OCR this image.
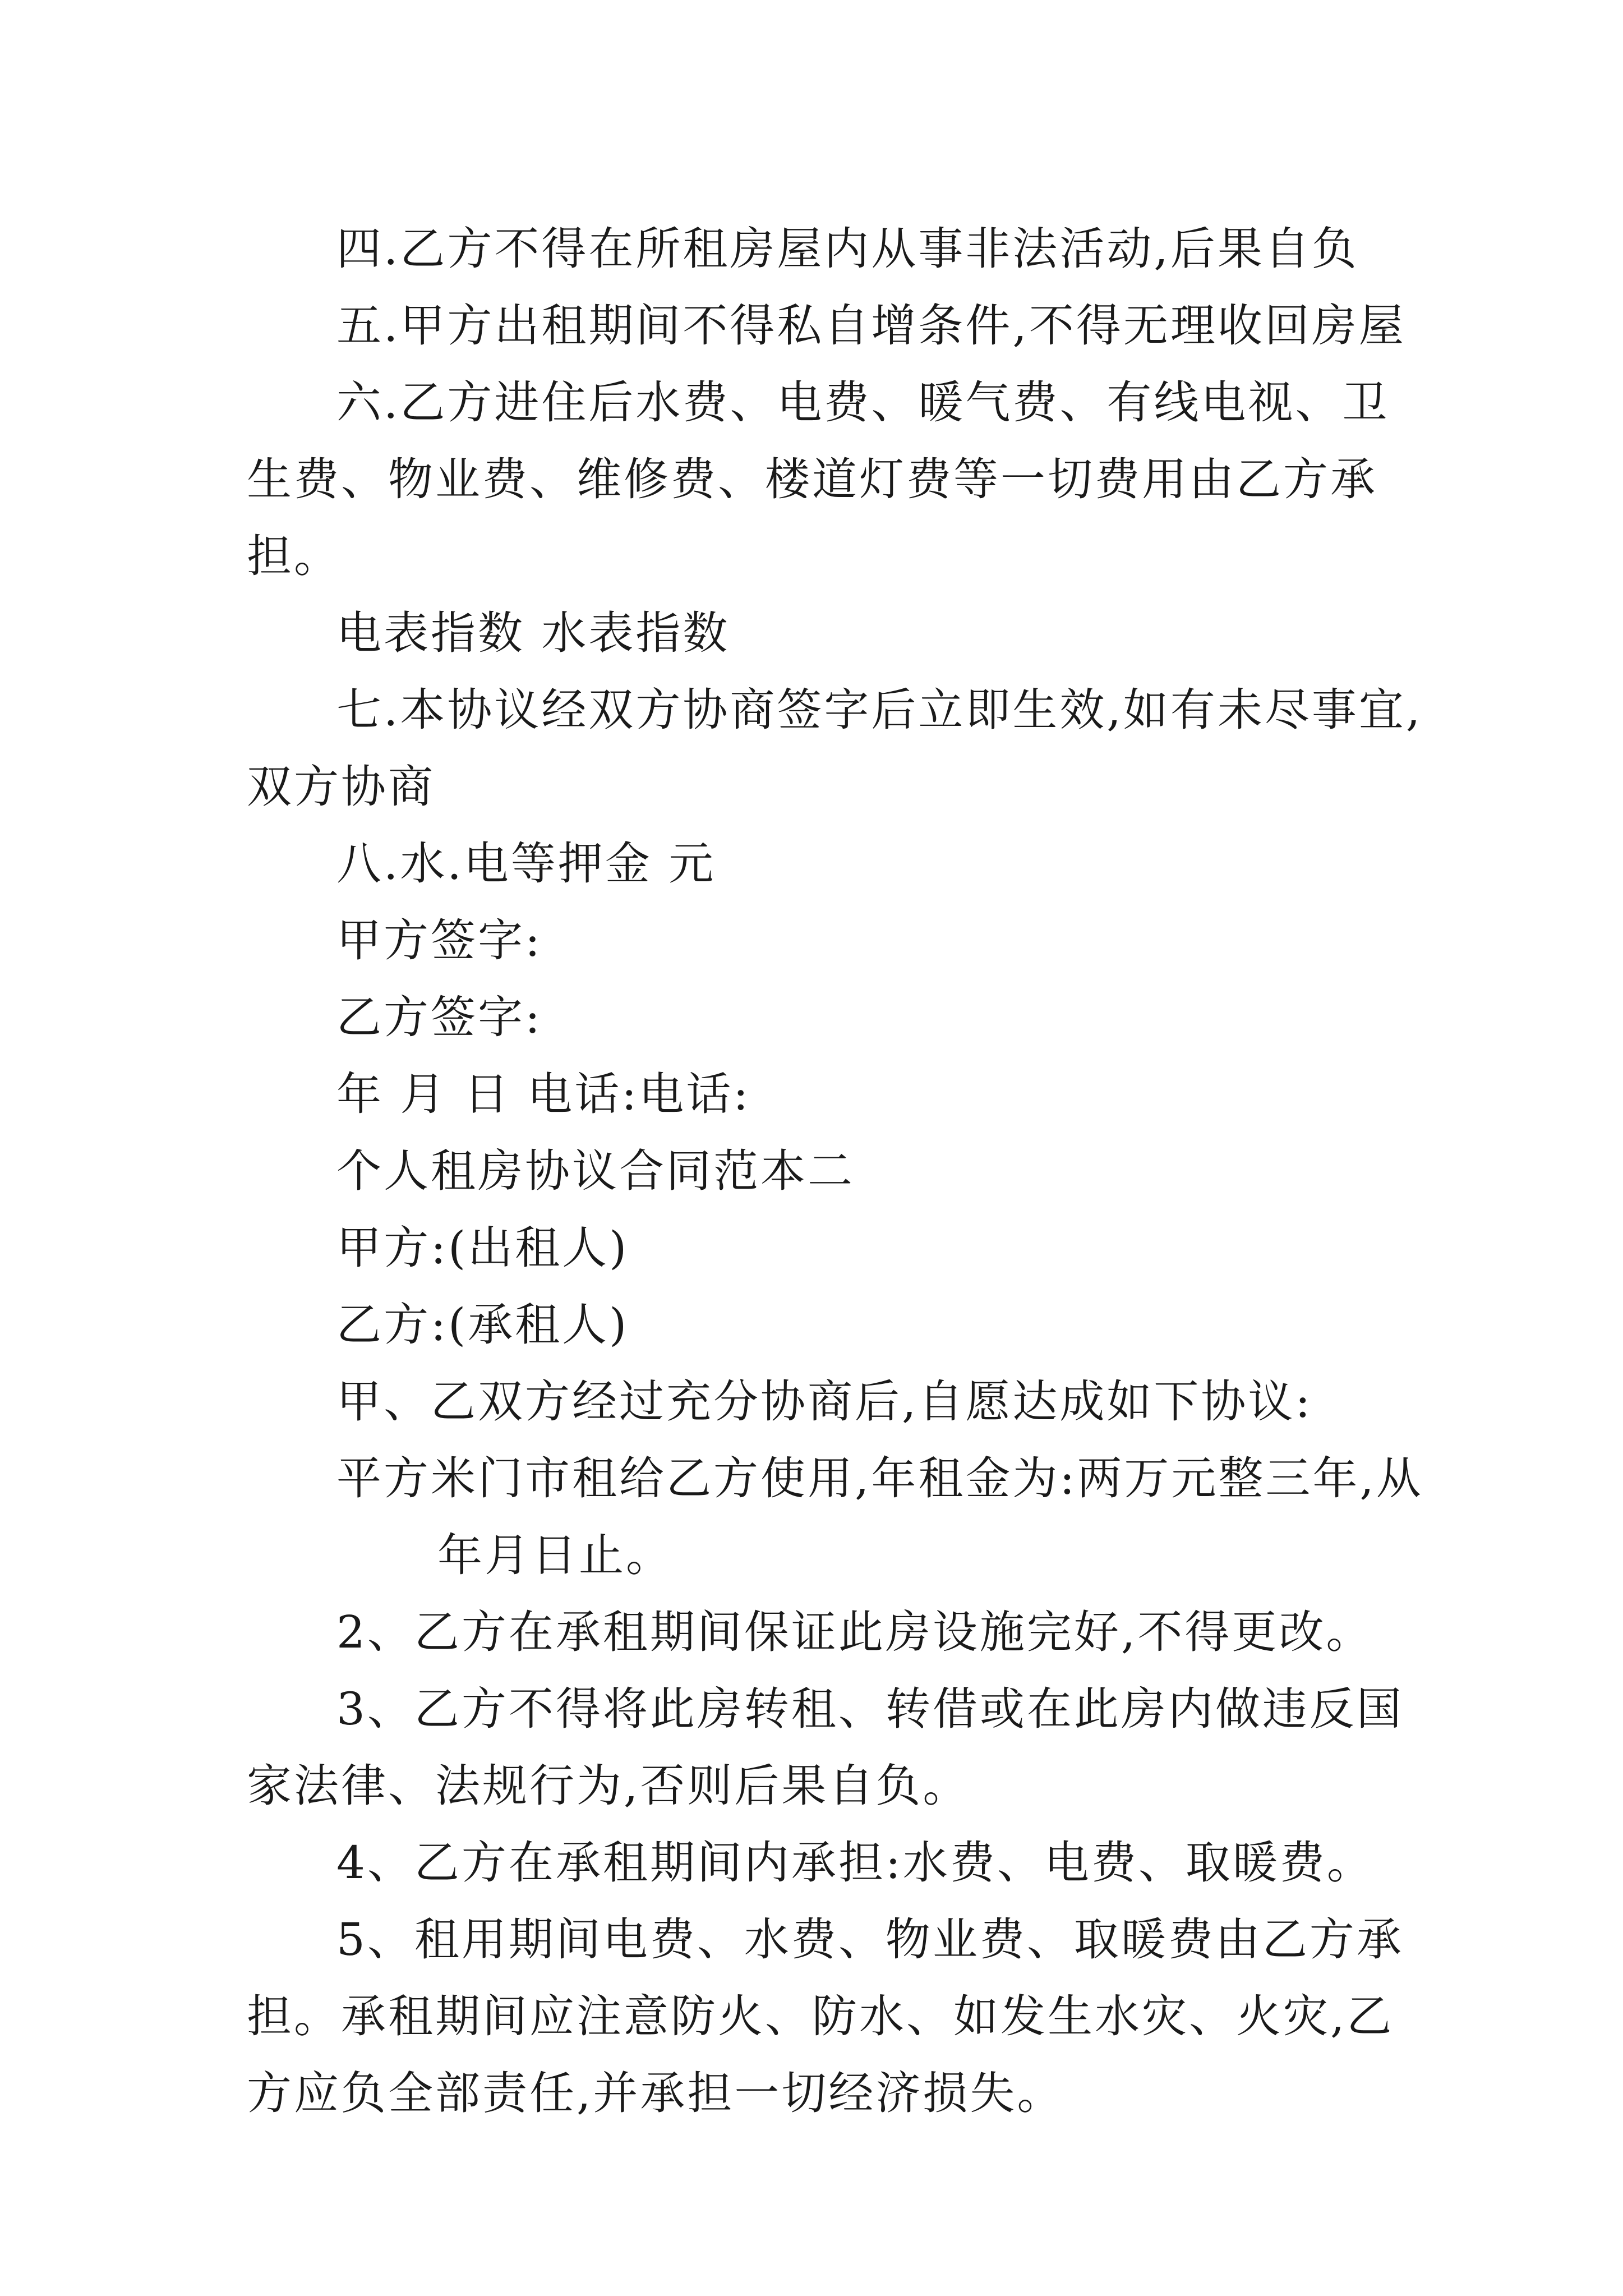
四.乙方不得在所租房屋内从事非法活动,后果自负

五.甲方出租期间不得私自增条件,不得无理收回房屋

六.乙方进住后水费、电费、暖气费、有线电视、卫生费、物业费、维修费、楼道灯费等一切费用由乙方承担。

电表指数 水表指数

七.本协议经双方协商签字后立即生效,如有未尽事宜,双方协商

八.水.电等押金 元

甲方签字:

乙方签字:

年 月 日 电话:电话:

个人租房协议合同范本二

甲方:(出租人)

乙方:(承租人)

甲、乙双方经过充分协商后,自愿达成如下协议:

平方米门市租给乙方使用,年租金为:两万元整三年,从年月日止。

2、乙方在承租期间保证此房设施完好,不得更改。

3、乙方不得将此房转租、转借或在此房内做违反国家法律、法规行为,否则后果自负。

4、乙方在承租期间内承担:水费、电费、取暖费。

5、租用期间电费、水费、物业费、取暖费由乙方承担。承租期间应注意防火、防水、如发生水灾、火灾,乙方应负全部责任,并承担一切经济损失。
